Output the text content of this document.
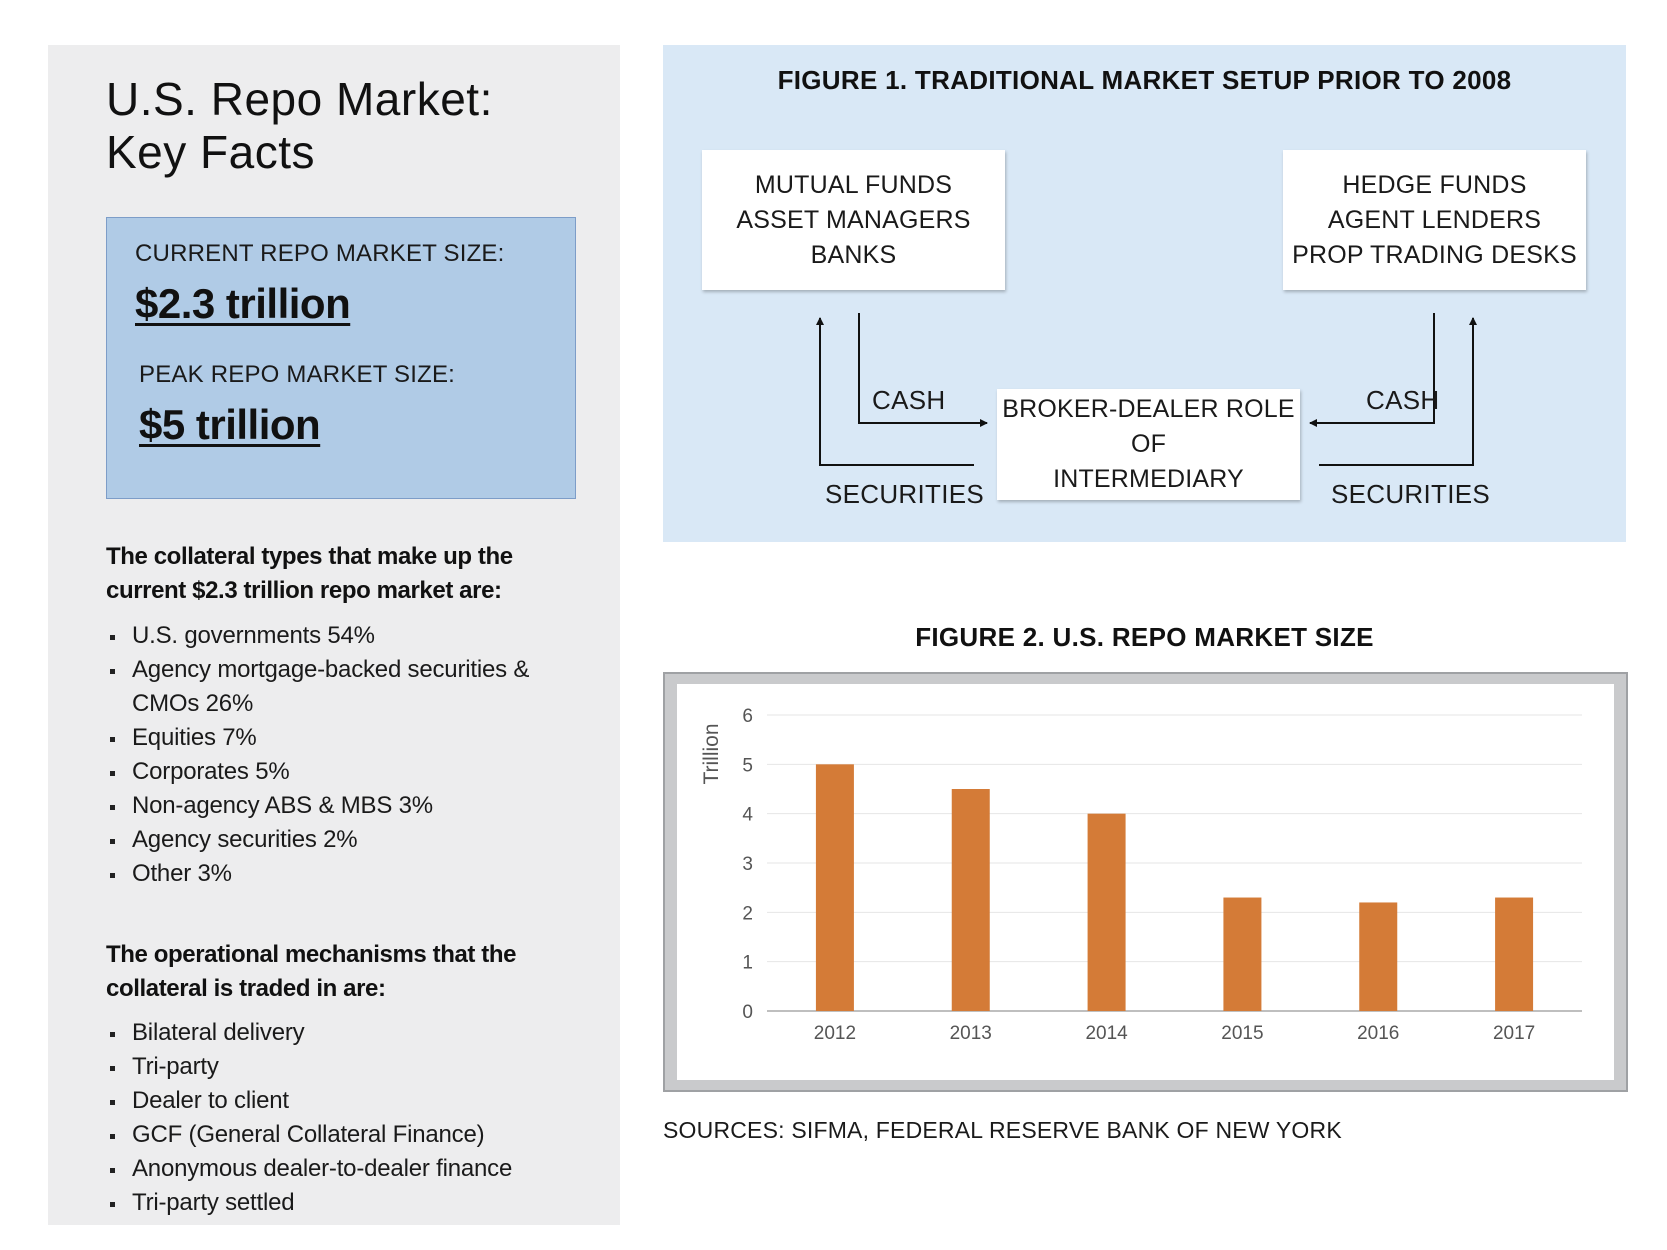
U.S. Repo Market:
Key Facts
CURRENT REPO MARKET SIZE:
$2.3 trillion
PEAK REPO MARKET SIZE:
$5 trillion

The collateral types that make up the current $2.3 trillion repo market are:

U.S. governments 54%
Agency mortgage-backed securities & CMOs 26%
Equities 7%
Corporates 5%
Non-agency ABS & MBS 3%
Agency securities 2%
Other 3%

The operational mechanisms that the collateral is traded in are:

Bilateral delivery
Tri-party
Dealer to client
GCF (General Collateral Finance)
Anonymous dealer-to-dealer finance
Tri-party settled
FIGURE 1. TRADITIONAL MARKET SETUP PRIOR TO 2008
MUTUAL FUNDS
ASSET MANAGERS
BANKS
HEDGE FUNDS
AGENT LENDERS
PROP TRADING DESKS
BROKER-DEALER ROLE OF
INTERMEDIARY
CASH
SECURITIES
CASH
SECURITIES
FIGURE 2. U.S. REPO MARKET SIZE
0
1
2
3
4
5
6
2012	2013	2014	2015	2016	2017
Trillion
SOURCES: SIFMA, FEDERAL RESERVE BANK OF NEW YORK
